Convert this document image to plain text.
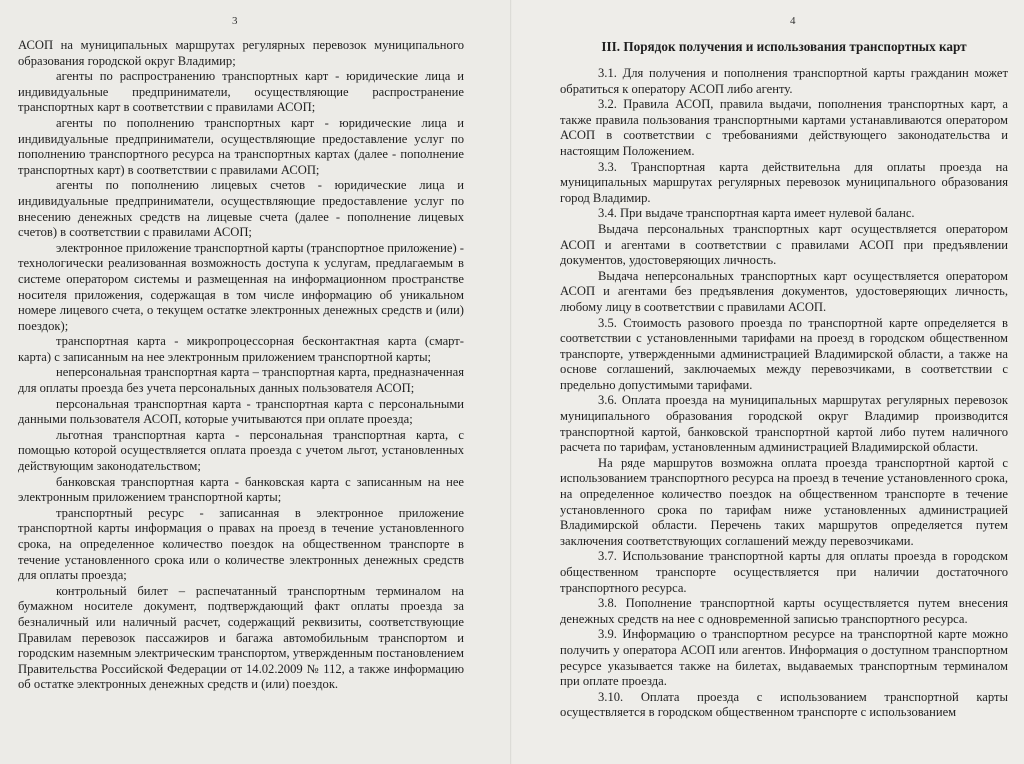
3

АСОП на муниципальных маршрутах регулярных перевозок муниципального образования городской округ Владимир;

агенты по распространению транспортных карт - юридические лица и индивидуальные предприниматели, осуществляющие распространение транспортных карт в соответствии с правилами АСОП;

агенты по пополнению транспортных карт - юридические лица и индивидуальные предприниматели, осуществляющие предоставление услуг по пополнению транспортного ресурса на транспортных картах (далее - пополнение транспортных карт) в соответствии с правилами АСОП;

агенты по пополнению лицевых счетов - юридические лица и индивидуальные предприниматели, осуществляющие предоставление услуг по внесению денежных средств на лицевые счета (далее - пополнение лицевых счетов) в соответствии с правилами АСОП;

электронное приложение транспортной карты (транспортное приложение) - технологически реализованная возможность доступа к услугам, предлагаемым в системе оператором системы и размещенная на информационном пространстве носителя приложения, содержащая в том числе информацию об уникальном номере лицевого счета, о текущем остатке электронных денежных средств и (или) поездок);

транспортная карта - микропроцессорная бесконтактная карта (смарт-карта) с записанным на нее электронным приложением транспортной карты;

неперсональная транспортная карта – транспортная карта, предназначенная для оплаты проезда без учета персональных данных пользователя АСОП;

персональная транспортная карта - транспортная карта с персональными данными пользователя АСОП, которые учитываются при оплате проезда;

льготная транспортная карта - персональная транспортная карта, с помощью которой осуществляется оплата проезда с учетом льгот, установленных действующим законодательством;

банковская транспортная карта - банковская карта с записанным на нее электронным приложением транспортной карты;

транспортный ресурс - записанная в электронное приложение транспортной карты информация о правах на проезд в течение установленного срока, на определенное количество поездок на общественном транспорте в течение установленного срока или о количестве электронных денежных средств для оплаты проезда;

контрольный билет – распечатанный транспортным терминалом на бумажном носителе документ, подтверждающий факт оплаты проезда за безналичный или наличный расчет, содержащий реквизиты, соответствующие Правилам перевозок пассажиров и багажа автомобильным транспортом и городским наземным электрическим транспортом, утвержденным постановлением Правительства Российской Федерации от 14.02.2009 № 112, а также информацию об остатке электронных денежных средств и (или) поездок.

4
III. Порядок получения и использования транспортных карт

3.1. Для получения и пополнения транспортной карты гражданин может обратиться к оператору АСОП либо агенту.

3.2. Правила АСОП, правила выдачи, пополнения транспортных карт, а также правила пользования транспортными картами устанавливаются оператором АСОП в соответствии с требованиями действующего законодательства и настоящим Положением.

3.3. Транспортная карта действительна для оплаты проезда на муниципальных маршрутах регулярных перевозок муниципального образования город Владимир.

3.4. При выдаче транспортная карта имеет нулевой баланс.

Выдача персональных транспортных карт осуществляется оператором АСОП и агентами в соответствии с правилами АСОП при предъявлении документов, удостоверяющих личность.

Выдача неперсональных транспортных карт осуществляется оператором АСОП и агентами без предъявления документов, удостоверяющих личность, любому лицу в соответствии с правилами АСОП.

3.5. Стоимость разового проезда по транспортной карте определяется в соответствии с установленными тарифами на проезд в городском общественном транспорте, утвержденными администрацией Владимирской области, а также на основе соглашений, заключаемых между перевозчиками, в соответствии с предельно допустимыми тарифами.

3.6. Оплата проезда на муниципальных маршрутах регулярных перевозок муниципального образования городской округ Владимир производится транспортной картой, банковской транспортной картой либо путем наличного расчета по тарифам, установленным администрацией Владимирской области.

На ряде маршрутов возможна оплата проезда транспортной картой с использованием транспортного ресурса на проезд в течение установленного срока, на определенное количество поездок на общественном транспорте в течение установленного срока по тарифам ниже установленных администрацией Владимирской области. Перечень таких маршрутов определяется путем заключения соответствующих соглашений между перевозчиками.

3.7. Использование транспортной карты для оплаты проезда в городском общественном транспорте осуществляется при наличии достаточного транспортного ресурса.

3.8. Пополнение транспортной карты осуществляется путем внесения денежных средств на нее с одновременной записью транспортного ресурса.

3.9. Информацию о транспортном ресурсе на транспортной карте можно получить у оператора АСОП или агентов. Информация о доступном транспортном ресурсе указывается также на билетах, выдаваемых транспортным терминалом при оплате проезда.

3.10. Оплата проезда с использованием транспортной карты осуществляется в городском общественном транспорте с использованием
